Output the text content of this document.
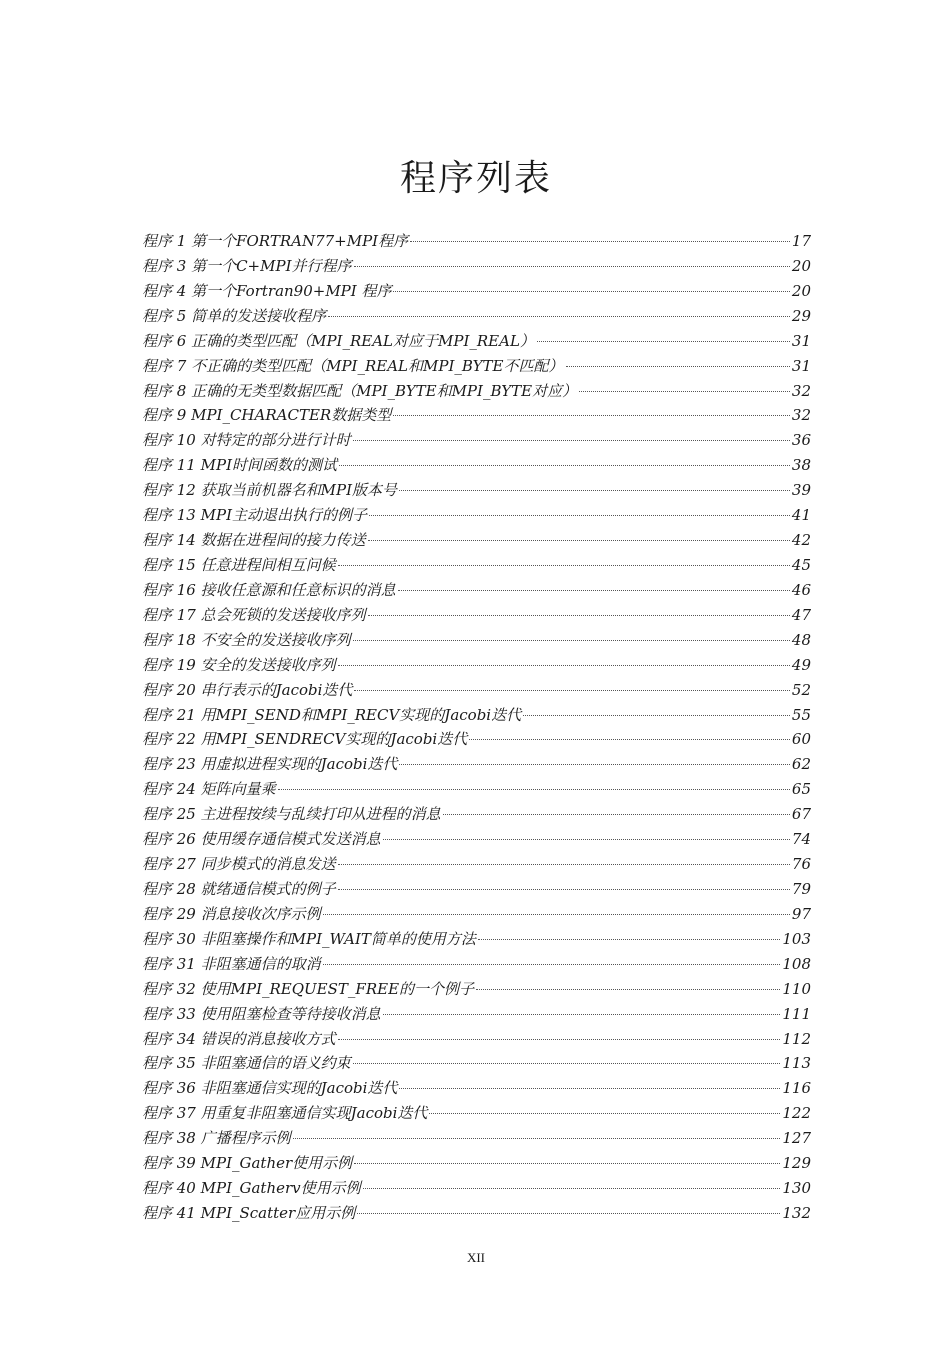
程序列表
程序 1 第一个FORTRAN77+MPI程序	17
程序 3 第一个C+MPI并行程序	20
程序 4 第一个Fortran90+MPI 程序	20
程序 5 简单的发送接收程序	29
程序 6 正确的类型匹配（MPI_REAL对应于MPI_REAL）	31
程序 7 不正确的类型匹配（MPI_REAL和MPI_BYTE不匹配）	31
程序 8 正确的无类型数据匹配（MPI_BYTE和MPI_BYTE对应）	32
程序 9 MPI_CHARACTER数据类型	32
程序 10 对特定的部分进行计时	36
程序 11 MPI时间函数的测试	38
程序 12 获取当前机器名和MPI版本号	39
程序 13 MPI主动退出执行的例子	41
程序 14 数据在进程间的接力传送	42
程序 15 任意进程间相互问候	45
程序 16 接收任意源和任意标识的消息	46
程序 17 总会死锁的发送接收序列	47
程序 18 不安全的发送接收序列	48
程序 19 安全的发送接收序列	49
程序 20 串行表示的Jacobi迭代	52
程序 21 用MPI_SEND和MPI_RECV实现的Jacobi迭代	55
程序 22 用MPI_SENDRECV实现的Jacobi迭代	60
程序 23 用虚拟进程实现的Jacobi迭代	62
程序 24 矩阵向量乘	65
程序 25 主进程按续与乱续打印从进程的消息	67
程序 26 使用缓存通信模式发送消息	74
程序 27 同步模式的消息发送	76
程序 28 就绪通信模式的例子	79
程序 29 消息接收次序示例	97
程序 30 非阻塞操作和MPI_WAIT简单的使用方法	103
程序 31 非阻塞通信的取消	108
程序 32 使用MPI_REQUEST_FREE的一个例子	110
程序 33 使用阻塞检查等待接收消息	111
程序 34 错误的消息接收方式	112
程序 35 非阻塞通信的语义约束	113
程序 36 非阻塞通信实现的Jacobi迭代	116
程序 37 用重复非阻塞通信实现Jacobi迭代	122
程序 38 广播程序示例	127
程序 39 MPI_Gather使用示例	129
程序 40 MPI_Gatherv使用示例	130
程序 41 MPI_Scatter应用示例	132
XII
